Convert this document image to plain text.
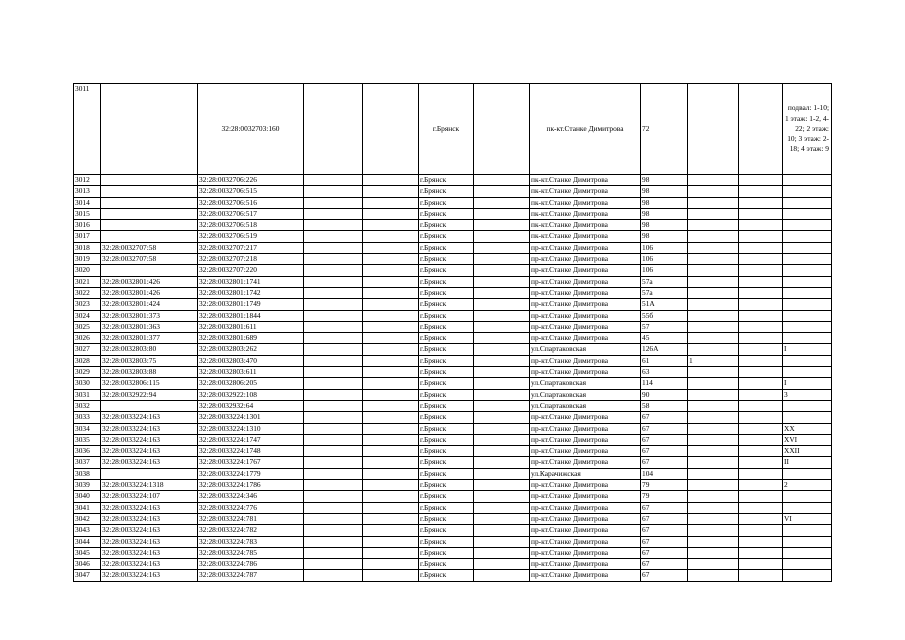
3011		32:28:0032703:160			г.Брянск		пк-кт.Станке Димитрова	72			подвал: 1-10; 1 этаж: 1-2, 4-22; 2 этаж: 10; 3 этаж: 2-18; 4 этаж: 9
3012		32:28:0032706:226			г.Брянск		пк-кт.Станке Димитрова	98			
3013		32:28:0032706:515			г.Брянск		пк-кт.Станке Димитрова	98			
3014		32:28:0032706:516			г.Брянск		пк-кт.Станке Димитрова	98			
3015		32:28:0032706:517			г.Брянск		пк-кт.Станке Димитрова	98			
3016		32:28:0032706:518			г.Брянск		пк-кт.Станке Димитрова	98			
3017		32:28:0032706:519			г.Брянск		пк-кт.Станке Димитрова	98			
3018	32:28:0032707:58	32:28:0032707:217			г.Брянск		пр-кт.Станке Димитрова	106			
3019	32:28:0032707:58	32:28:0032707:218			г.Брянск		пр-кт.Станке Димитрова	106			
3020		32:28:0032707:220			г.Брянск		пр-кт.Станке Димитрова	106			
3021	32:28:0032801:426	32:28:0032801:1741			г.Брянск		пр-кт.Станке Димитрова	57а			
3022	32:28:0032801:426	32:28:0032801:1742			г.Брянск		пр-кт.Станке Димитрова	57а			
3023	32:28:0032801:424	32:28:0032801:1749			г.Брянск		пр-кт.Станке Димитрова	51А			
3024	32:28:0032801:373	32:28:0032801:1844			г.Брянск		пр-кт.Станке Димитрова	55б			
3025	32:28:0032801:363	32:28:0032801:611			г.Брянск		пр-кт.Станке Димитрова	57			
3026	32:28:0032801:377	32:28:0032801:689			г.Брянск		пр-кт.Станке Димитрова	45			
3027	32:28:0032803:80	32:28:0032803:262			г.Брянск		ул.Спартаковская	126А			I
3028	32:28:0032803:75	32:28:0032803:470			г.Брянск		пр-кт.Станке Димитрова	61	1		
3029	32:28:0032803:88	32:28:0032803:611			г.Брянск		пр-кт.Станке Димитрова	63			
3030	32:28:0032806:115	32:28:0032806:205			г.Брянск		ул.Спартаковская	114			I
3031	32:28:0032922:94	32:28:0032922:108			г.Брянск		ул.Спартаковская	90			3
3032		32:28:0032932:64			г.Брянск		ул.Спартаковская	58			
3033	32:28:0033224:163	32:28:0033224:1301			г.Брянск		пр-кт.Станке Димитрова	67			
3034	32:28:0033224:163	32:28:0033224:1310			г.Брянск		пр-кт.Станке Димитрова	67			XX
3035	32:28:0033224:163	32:28:0033224:1747			г.Брянск		пр-кт.Станке Димитрова	67			XVI
3036	32:28:0033224:163	32:28:0033224:1748			г.Брянск		пр-кт.Станке Димитрова	67			XXII
3037	32:28:0033224:163	32:28:0033224:1767			г.Брянск		пр-кт.Станке Димитрова	67			II
3038		32:28:0033224:1779			г.Брянск		ул.Карачижская	104			
3039	32:28:0033224:1318	32:28:0033224:1786			г.Брянск		пр-кт.Станке Димитрова	79			2
3040	32:28:0033224:107	32:28:0033224:346			г.Брянск		пр-кт.Станке Димитрова	79			
3041	32:28:0033224:163	32:28:0033224:776			г.Брянск		пр-кт.Станке Димитрова	67			
3042	32:28:0033224:163	32:28:0033224:781			г.Брянск		пр-кт.Станке Димитрова	67			VI
3043	32:28:0033224:163	32:28:0033224:782			г.Брянск		пр-кт.Станке Димитрова	67			
3044	32:28:0033224:163	32:28:0033224:783			г.Брянск		пр-кт.Станке Димитрова	67			
3045	32:28:0033224:163	32:28:0033224:785			г.Брянск		пр-кт.Станке Димитрова	67			
3046	32:28:0033224:163	32:28:0033224:786			г.Брянск		пр-кт.Станке Димитрова	67			
3047	32:28:0033224:163	32:28:0033224:787			г.Брянск		пр-кт.Станке Димитрова	67			
